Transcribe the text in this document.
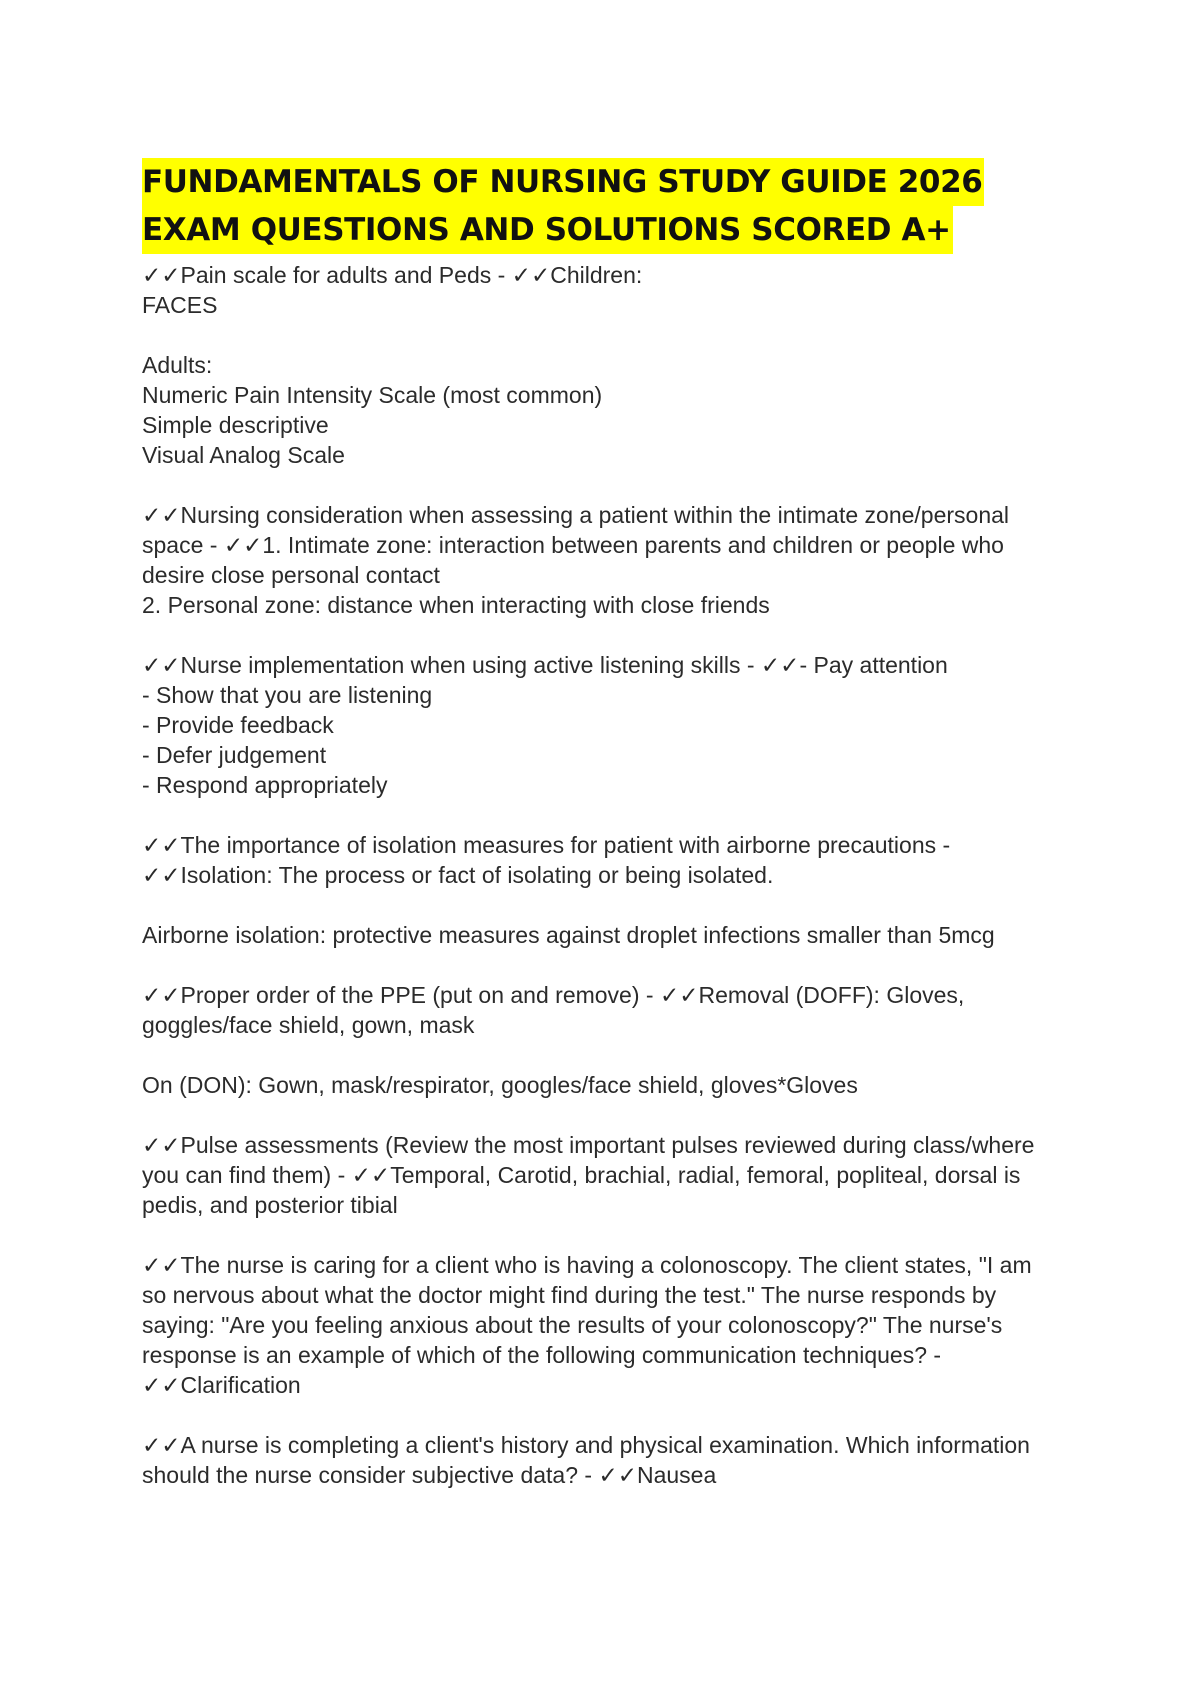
FUNDAMENTALS OF NURSING STUDY GUIDE 2026
EXAM QUESTIONS AND SOLUTIONS SCORED A+

✓✓Pain scale for adults and Peds - ✓✓Children:
FACES

Adults:
Numeric Pain Intensity Scale (most common)
Simple descriptive
Visual Analog Scale

✓✓Nursing consideration when assessing a patient within the intimate zone/personal space - ✓✓1. Intimate zone: interaction between parents and children or people who desire close personal contact
2. Personal zone: distance when interacting with close friends

✓✓Nurse implementation when using active listening skills - ✓✓- Pay attention
- Show that you are listening
- Provide feedback
- Defer judgement
- Respond appropriately

✓✓The importance of isolation measures for patient with airborne precautions - ✓✓Isolation: The process or fact of isolating or being isolated.

Airborne isolation: protective measures against droplet infections smaller than 5mcg

✓✓Proper order of the PPE (put on and remove) - ✓✓Removal (DOFF): Gloves, goggles/face shield, gown, mask

On (DON): Gown, mask/respirator, googles/face shield, gloves*Gloves

✓✓Pulse assessments (Review the most important pulses reviewed during class/where you can find them) - ✓✓Temporal, Carotid, brachial, radial, femoral, popliteal, dorsal is pedis, and posterior tibial

✓✓The nurse is caring for a client who is having a colonoscopy. The client states, "I am so nervous about what the doctor might find during the test." The nurse responds by saying: "Are you feeling anxious about the results of your colonoscopy?" The nurse's response is an example of which of the following communication techniques? - ✓✓Clarification

✓✓A nurse is completing a client's history and physical examination. Which information should the nurse consider subjective data? - ✓✓Nausea
